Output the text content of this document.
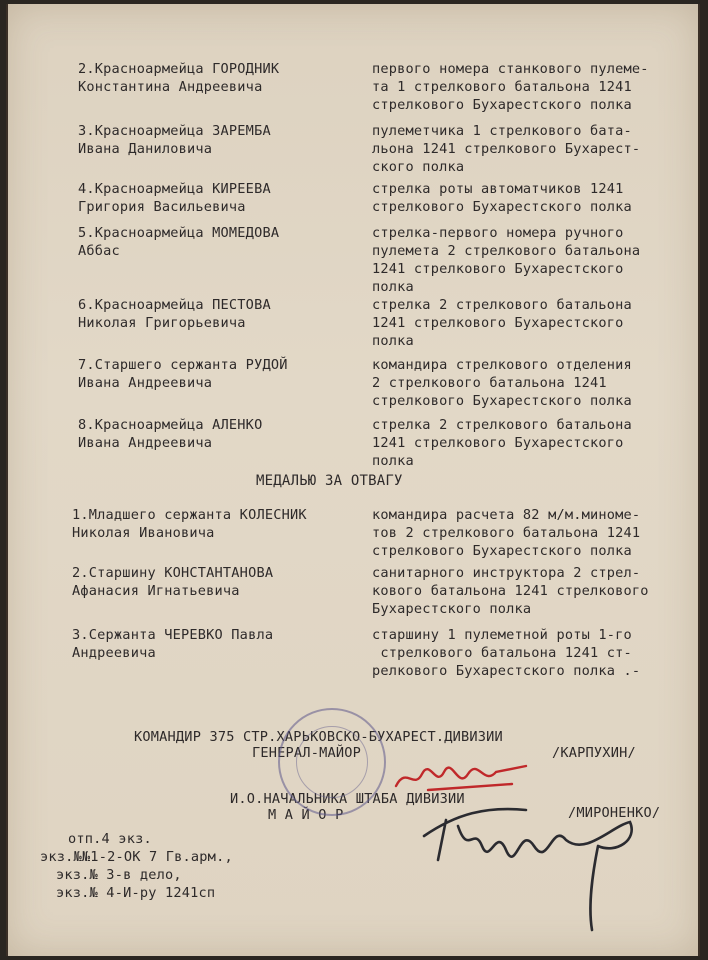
2.Красноармейца ГОРОДНИК
Константина Андреевича
первого номера станкового пулеме-
та 1 стрелкового батальона 1241
стрелкового Бухарестского полка
3.Красноармейца ЗАРЕМБА
Ивана Даниловича
пулеметчика 1 стрелкового бата-
льона 1241 стрелкового Бухарест-
ского полка
4.Красноармейца КИРЕЕВА
Григория Васильевича
стрелка роты автоматчиков 1241
стрелкового Бухарестского полка
5.Красноармейца МОМЕДОВА
Аббас
стрелка-первого номера ручного
пулемета 2 стрелкового батальона
1241 стрелкового Бухарестского
полка
6.Красноармейца ПЕСТОВА
Николая Григорьевича
стрелка 2 стрелкового батальона
1241 стрелкового Бухарестского
полка
7.Старшего сержанта РУДОЙ
Ивана Андреевича
командира стрелкового отделения
2 стрелкового батальона 1241
стрелкового Бухарестского полка
8.Красноармейца АЛЕНКО
Ивана Андреевича
стрелка 2 стрелкового батальона
1241 стрелкового Бухарестского
полка
1.Младшего сержанта КОЛЕСНИК
Николая Ивановича
командира расчета 82 м/м.миноме-
тов 2 стрелкового батальона 1241
стрелкового Бухарестского полка
2.Старшину КОНСТАНТАНОВА
Афанасия Игнатьевича
санитарного инструктора 2 стрел-
кового батальона 1241 стрелкового
Бухарестского полка
3.Сержанта ЧЕРЕВКО Павла
Андреевича
старшину 1 пулеметной роты 1-го
стрелкового батальона 1241 ст-
релкового Бухарестского полка .-
МЕДАЛЬЮ ЗА ОТВАГУ
КОМАНДИР 375 СТР.ХАРЬКОВСКО-БУХАРЕСТ.ДИВИЗИИ
ГЕНЕРАЛ-МАЙОР	/КАРПУХИН/
И.О.НАЧАЛЬНИКА ШТАБА ДИВИЗИИ
М А Й О Р	/МИРОНЕНКО/
отп.4 экз.
экз.№№1-2-ОК 7 Гв.арм.,
экз.№ 3-в дело,
экз.№ 4-И-ру 1241сп
